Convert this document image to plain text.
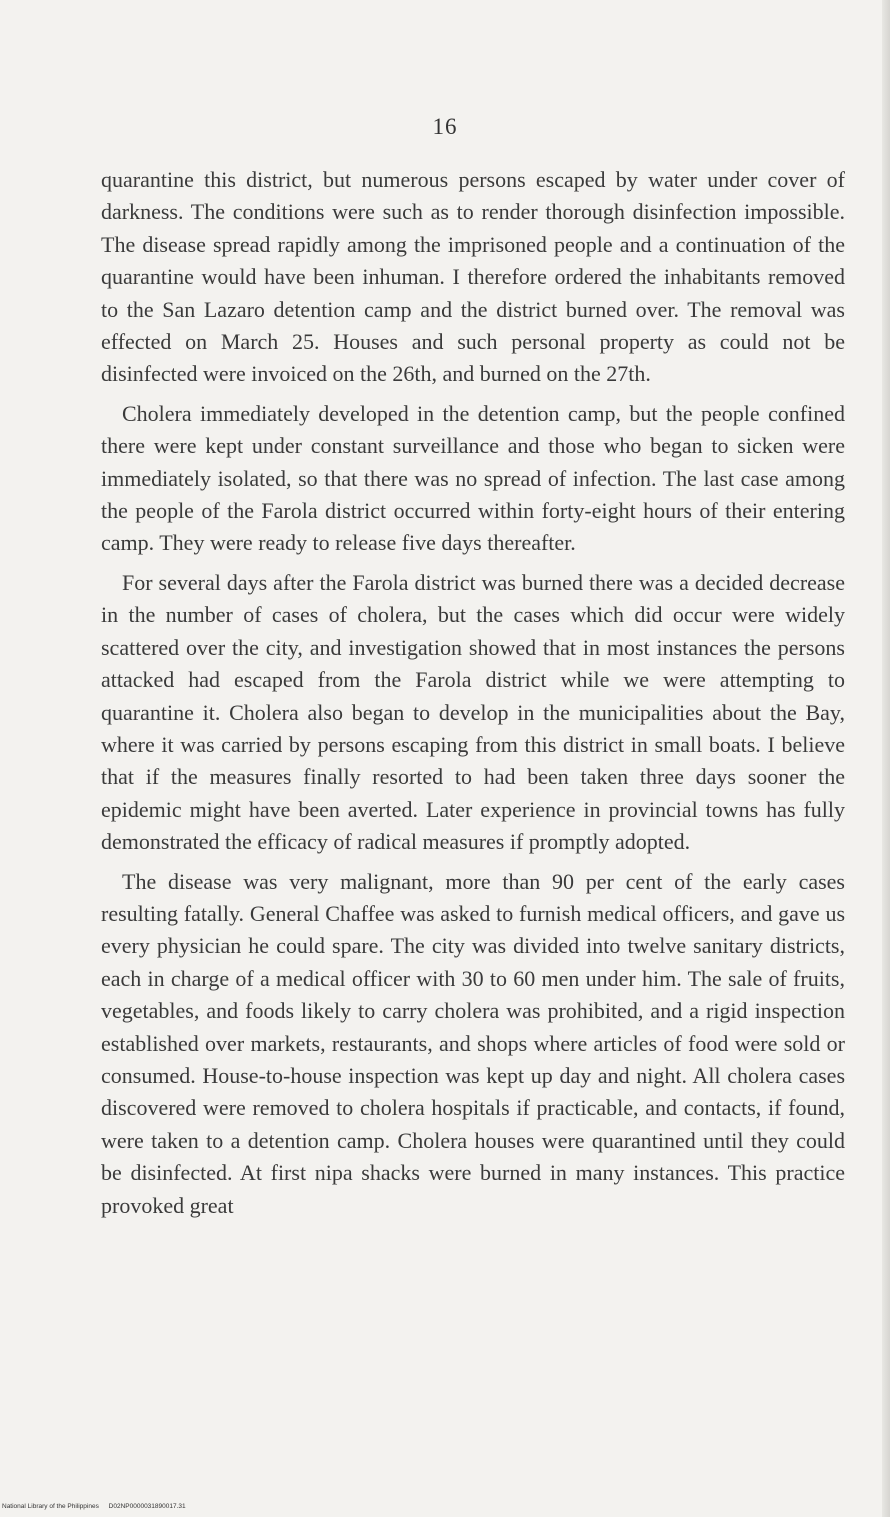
16

quarantine this district, but numerous persons escaped by water under cover of darkness. The conditions were such as to render thorough disinfection impossible. The disease spread rapidly among the imprisoned people and a continuation of the quarantine would have been inhuman. I therefore ordered the inhabitants removed to the San Lazaro detention camp and the district burned over. The removal was effected on March 25. Houses and such personal property as could not be disinfected were invoiced on the 26th, and burned on the 27th.

Cholera immediately developed in the detention camp, but the people confined there were kept under constant surveillance and those who began to sicken were immediately isolated, so that there was no spread of infection. The last case among the people of the Farola district occurred within forty-eight hours of their entering camp. They were ready to release five days thereafter.

For several days after the Farola district was burned there was a decided decrease in the number of cases of cholera, but the cases which did occur were widely scattered over the city, and investigation showed that in most instances the persons attacked had escaped from the Farola district while we were attempting to quarantine it. Cholera also began to develop in the municipalities about the Bay, where it was carried by persons escaping from this district in small boats. I believe that if the measures finally resorted to had been taken three days sooner the epidemic might have been averted. Later experience in provincial towns has fully demonstrated the efficacy of radical measures if promptly adopted.

The disease was very malignant, more than 90 per cent of the early cases resulting fatally. General Chaffee was asked to furnish medical officers, and gave us every physician he could spare. The city was divided into twelve sanitary districts, each in charge of a medical officer with 30 to 60 men under him. The sale of fruits, vegetables, and foods likely to carry cholera was prohibited, and a rigid inspection established over markets, restaurants, and shops where articles of food were sold or consumed. House-to-house inspection was kept up day and night. All cholera cases discovered were removed to cholera hospitals if practicable, and contacts, if found, were taken to a detention camp. Cholera houses were quarantined until they could be disinfected. At first nipa shacks were burned in many instances. This practice provoked great

National Library of the Philippines D02NP0000031890017.31
